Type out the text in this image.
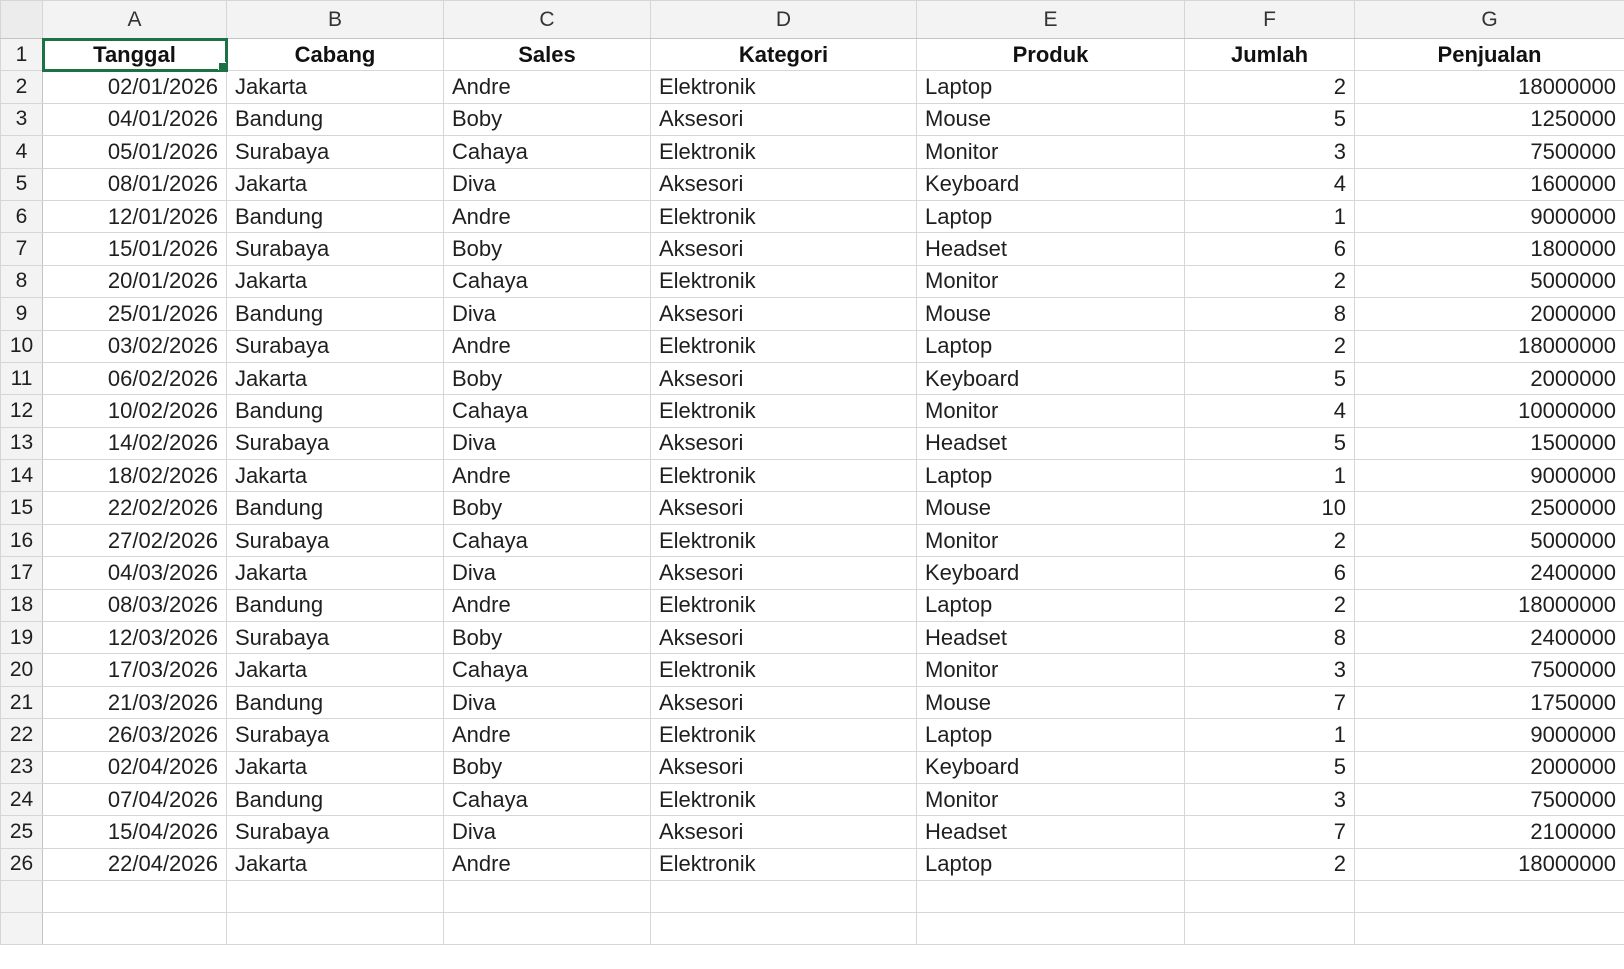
	A	B	C	D	E	F	G
1	Tanggal	Cabang	Sales	Kategori	Produk	Jumlah	Penjualan
2	02/01/2026	Jakarta	Andre	Elektronik	Laptop	2	18000000
3	04/01/2026	Bandung	Boby	Aksesori	Mouse	5	1250000
4	05/01/2026	Surabaya	Cahaya	Elektronik	Monitor	3	7500000
5	08/01/2026	Jakarta	Diva	Aksesori	Keyboard	4	1600000
6	12/01/2026	Bandung	Andre	Elektronik	Laptop	1	9000000
7	15/01/2026	Surabaya	Boby	Aksesori	Headset	6	1800000
8	20/01/2026	Jakarta	Cahaya	Elektronik	Monitor	2	5000000
9	25/01/2026	Bandung	Diva	Aksesori	Mouse	8	2000000
10	03/02/2026	Surabaya	Andre	Elektronik	Laptop	2	18000000
11	06/02/2026	Jakarta	Boby	Aksesori	Keyboard	5	2000000
12	10/02/2026	Bandung	Cahaya	Elektronik	Monitor	4	10000000
13	14/02/2026	Surabaya	Diva	Aksesori	Headset	5	1500000
14	18/02/2026	Jakarta	Andre	Elektronik	Laptop	1	9000000
15	22/02/2026	Bandung	Boby	Aksesori	Mouse	10	2500000
16	27/02/2026	Surabaya	Cahaya	Elektronik	Monitor	2	5000000
17	04/03/2026	Jakarta	Diva	Aksesori	Keyboard	6	2400000
18	08/03/2026	Bandung	Andre	Elektronik	Laptop	2	18000000
19	12/03/2026	Surabaya	Boby	Aksesori	Headset	8	2400000
20	17/03/2026	Jakarta	Cahaya	Elektronik	Monitor	3	7500000
21	21/03/2026	Bandung	Diva	Aksesori	Mouse	7	1750000
22	26/03/2026	Surabaya	Andre	Elektronik	Laptop	1	9000000
23	02/04/2026	Jakarta	Boby	Aksesori	Keyboard	5	2000000
24	07/04/2026	Bandung	Cahaya	Elektronik	Monitor	3	7500000
25	15/04/2026	Surabaya	Diva	Aksesori	Headset	7	2100000
26	22/04/2026	Jakarta	Andre	Elektronik	Laptop	2	18000000
